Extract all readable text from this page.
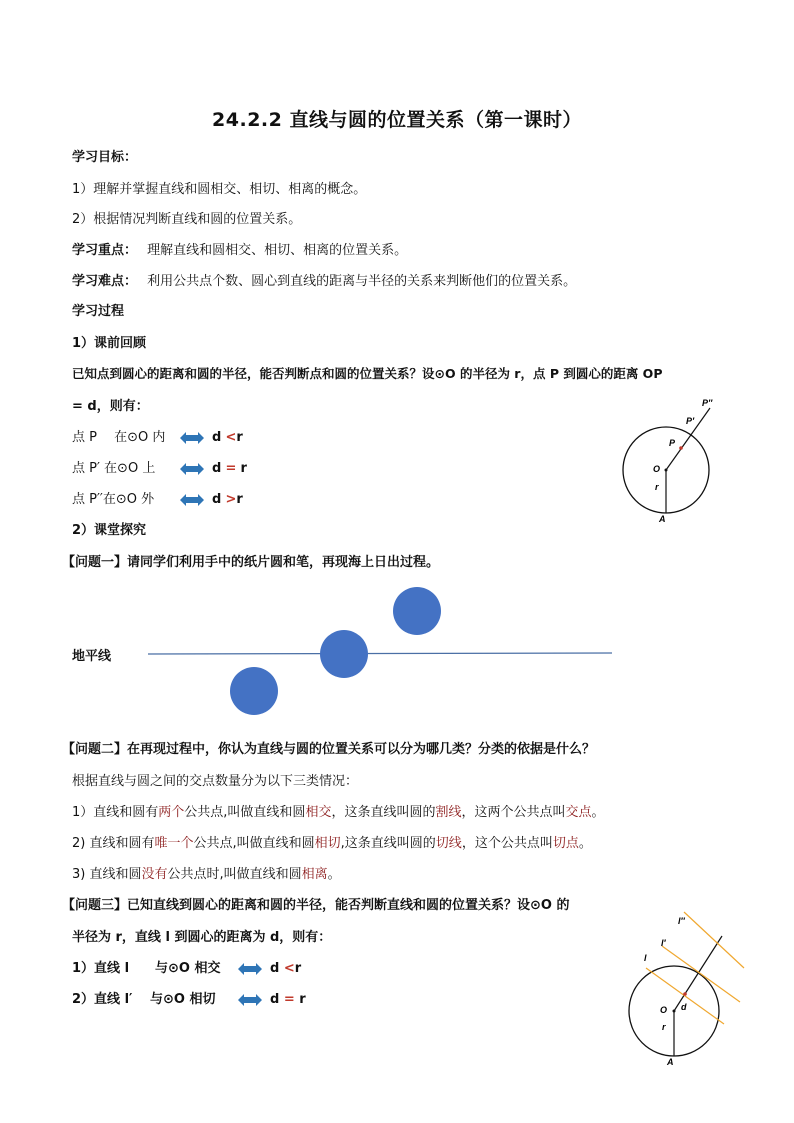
24.2.2 直线与圆的位置关系（第一课时）
学习目标：
1）理解并掌握直线和圆相交、相切、相离的概念。
2）根据情况判断直线和圆的位置关系。
学习重点： 理解直线和圆相交、相切、相离的位置关系。
学习难点： 利用公共点个数、圆心到直线的距离与半径的关系来判断他们的位置关系。
学习过程
1）课前回顾
已知点到圆心的距离和圆的半径，能否判断点和圆的位置关系？设⊙O 的半径为 r，点 P 到圆心的距离 OP
= d，则有：
点 P　 在⊙O 内	d <r
点 P′ 在⊙O 上	d = r
点 P′′在⊙O 外	d >r
P″
P′
P
O
r
A
2）课堂探究
【问题一】请同学们利用手中的纸片圆和笔，再现海上日出过程。
地平线
【问题二】在再现过程中，你认为直线与圆的位置关系可以分为哪几类？分类的依据是什么？
根据直线与圆之间的交点数量分为以下三类情况：
1）直线和圆有两个公共点,叫做直线和圆相交，这条直线叫圆的割线，这两个公共点叫交点。
2) 直线和圆有唯一个公共点,叫做直线和圆相切,这条直线叫圆的切线，这个公共点叫切点。
3) 直线和圆没有公共点时,叫做直线和圆相离。
【问题三】已知直线到圆心的距离和圆的半径，能否判断直线和圆的位置关系？设⊙O 的
半径为 r，直线 l 到圆心的距离为 d，则有：
1）直线 l　　与⊙O 相交	d <r
2）直线 l′　 与⊙O 相切	d = r
l″
l′
l
O d
r
A
